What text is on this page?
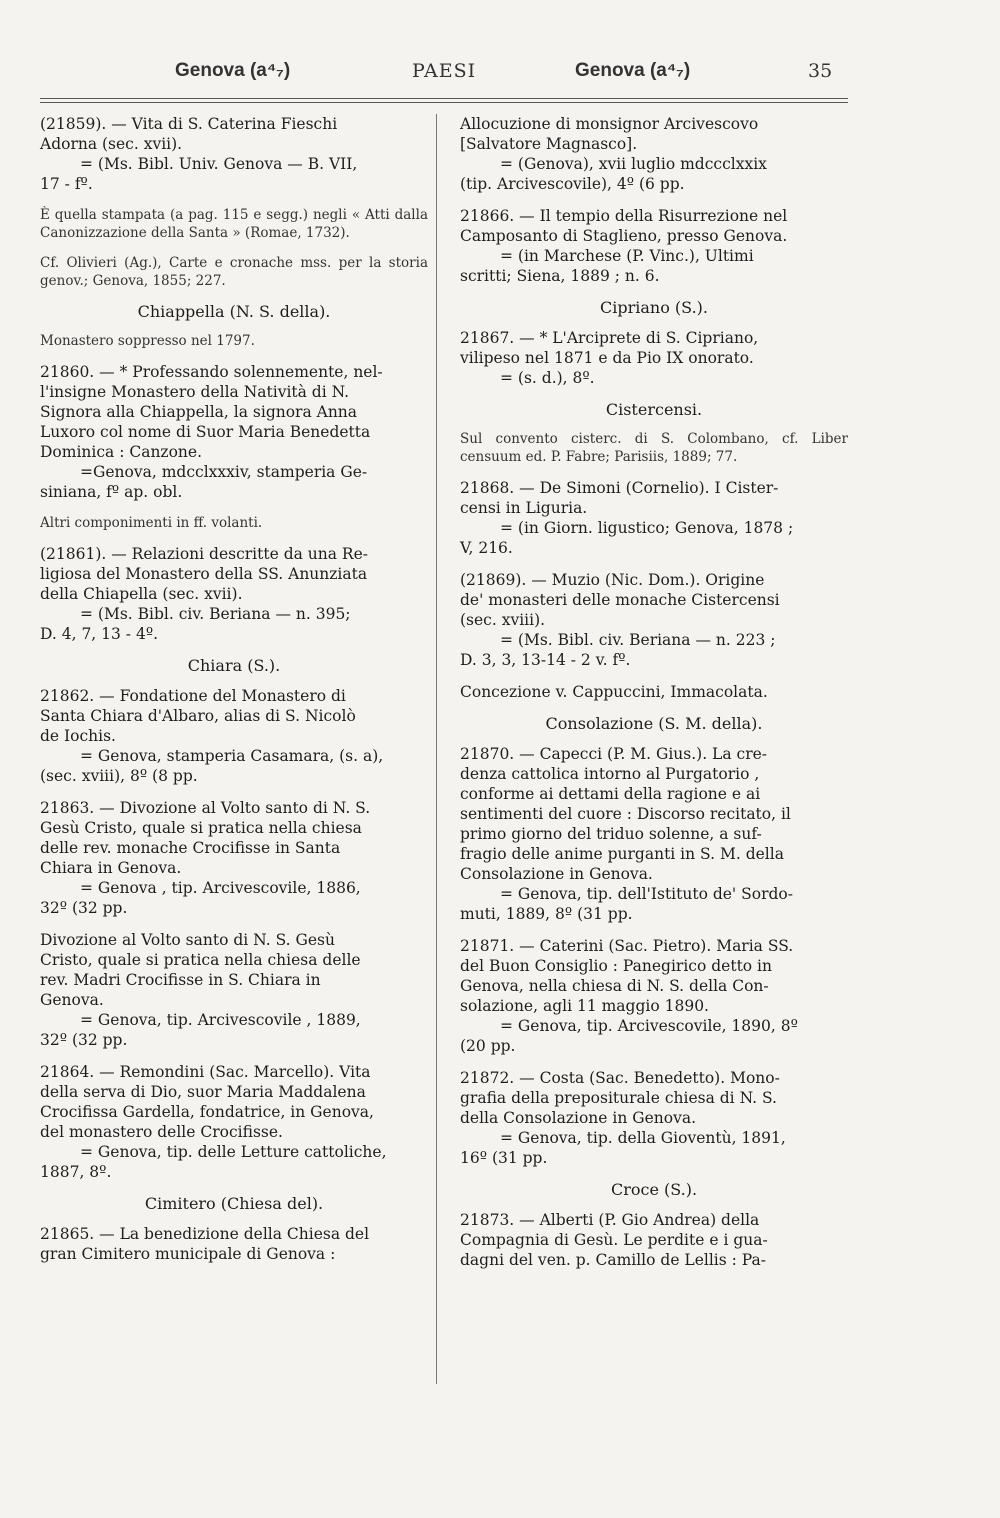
Genova (a⁴₇)	PAESI	Genova (a⁴₇)	35
(21859). — Vita di S. Caterina Fieschi
Adorna (sec. xvii).
= (Ms. Bibl. Univ. Genova — B. VII,
17 - fº.
È quella stampata (a pag. 115 e segg.) negli « Atti dalla Canonizzazione della Santa » (Romae, 1732).
Cf. Olivieri (Ag.), Carte e cronache mss. per la storia genov.; Genova, 1855; 227.
Chiappella (N. S. della).
Monastero soppresso nel 1797.
21860. — * Professando solennemente, nel-
l'insigne Monastero della Natività di N.
Signora alla Chiappella, la signora Anna
Luxoro col nome di Suor Maria Benedetta
Dominica : Canzone.
=Genova, mdcclxxxiv, stamperia Ge-
siniana, fº ap. obl.
Altri componimenti in ff. volanti.
(21861). — Relazioni descritte da una Re-
ligiosa del Monastero della SS. Anunziata
della Chiapella (sec. xvii).
= (Ms. Bibl. civ. Beriana — n. 395;
D. 4, 7, 13 - 4º.
Chiara (S.).
21862. — Fondatione del Monastero di
Santa Chiara d'Albaro, alias di S. Nicolò
de Iochis.
= Genova, stamperia Casamara, (s. a),
(sec. xviii), 8º (8 pp.
21863. — Divozione al Volto santo di N. S.
Gesù Cristo, quale si pratica nella chiesa
delle rev. monache Crocifisse in Santa
Chiara in Genova.
= Genova , tip. Arcivescovile, 1886,
32º (32 pp.
Divozione al Volto santo di N. S. Gesù
Cristo, quale si pratica nella chiesa delle
rev. Madri Crocifisse in S. Chiara in
Genova.
= Genova, tip. Arcivescovile , 1889,
32º (32 pp.
21864. — Remondini (Sac. Marcello). Vita
della serva di Dio, suor Maria Maddalena
Crocifissa Gardella, fondatrice, in Genova,
del monastero delle Crocifisse.
= Genova, tip. delle Letture cattoliche,
1887, 8º.
Cimitero (Chiesa del).
21865. — La benedizione della Chiesa del
gran Cimitero municipale di Genova :
Allocuzione di monsignor Arcivescovo
[Salvatore Magnasco].
= (Genova), xvii luglio mdccclxxix
(tip. Arcivescovile), 4º (6 pp.
21866. — Il tempio della Risurrezione nel
Camposanto di Staglieno, presso Genova.
= (in Marchese (P. Vinc.), Ultimi
scritti; Siena, 1889 ; n. 6.
Cipriano (S.).
21867. — * L'Arciprete di S. Cipriano,
vilipeso nel 1871 e da Pio IX onorato.
= (s. d.), 8º.
Cistercensi.
Sul convento cisterc. di S. Colombano, cf. Liber censuum ed. P. Fabre; Parisiis, 1889; 77.
21868. — De Simoni (Cornelio). I Cister-
censi in Liguria.
= (in Giorn. ligustico; Genova, 1878 ;
V, 216.
(21869). — Muzio (Nic. Dom.). Origine
de' monasteri delle monache Cistercensi
(sec. xviii).
= (Ms. Bibl. civ. Beriana — n. 223 ;
D. 3, 3, 13-14 - 2 v. fº.
Concezione v. Cappuccini, Immacolata.
Consolazione (S. M. della).
21870. — Capecci (P. M. Gius.). La cre-
denza cattolica intorno al Purgatorio ,
conforme ai dettami della ragione e ai
sentimenti del cuore : Discorso recitato, il
primo giorno del triduo solenne, a suf-
fragio delle anime purganti in S. M. della
Consolazione in Genova.
= Genova, tip. dell'Istituto de' Sordo-
muti, 1889, 8º (31 pp.
21871. — Caterini (Sac. Pietro). Maria SS.
del Buon Consiglio : Panegirico detto in
Genova, nella chiesa di N. S. della Con-
solazione, agli 11 maggio 1890.
= Genova, tip. Arcivescovile, 1890, 8º
(20 pp.
21872. — Costa (Sac. Benedetto). Mono-
grafia della prepositurale chiesa di N. S.
della Consolazione in Genova.
= Genova, tip. della Gioventù, 1891,
16º (31 pp.
Croce (S.).
21873. — Alberti (P. Gio Andrea) della
Compagnia di Gesù. Le perdite e i gua-
dagni del ven. p. Camillo de Lellis : Pa-
